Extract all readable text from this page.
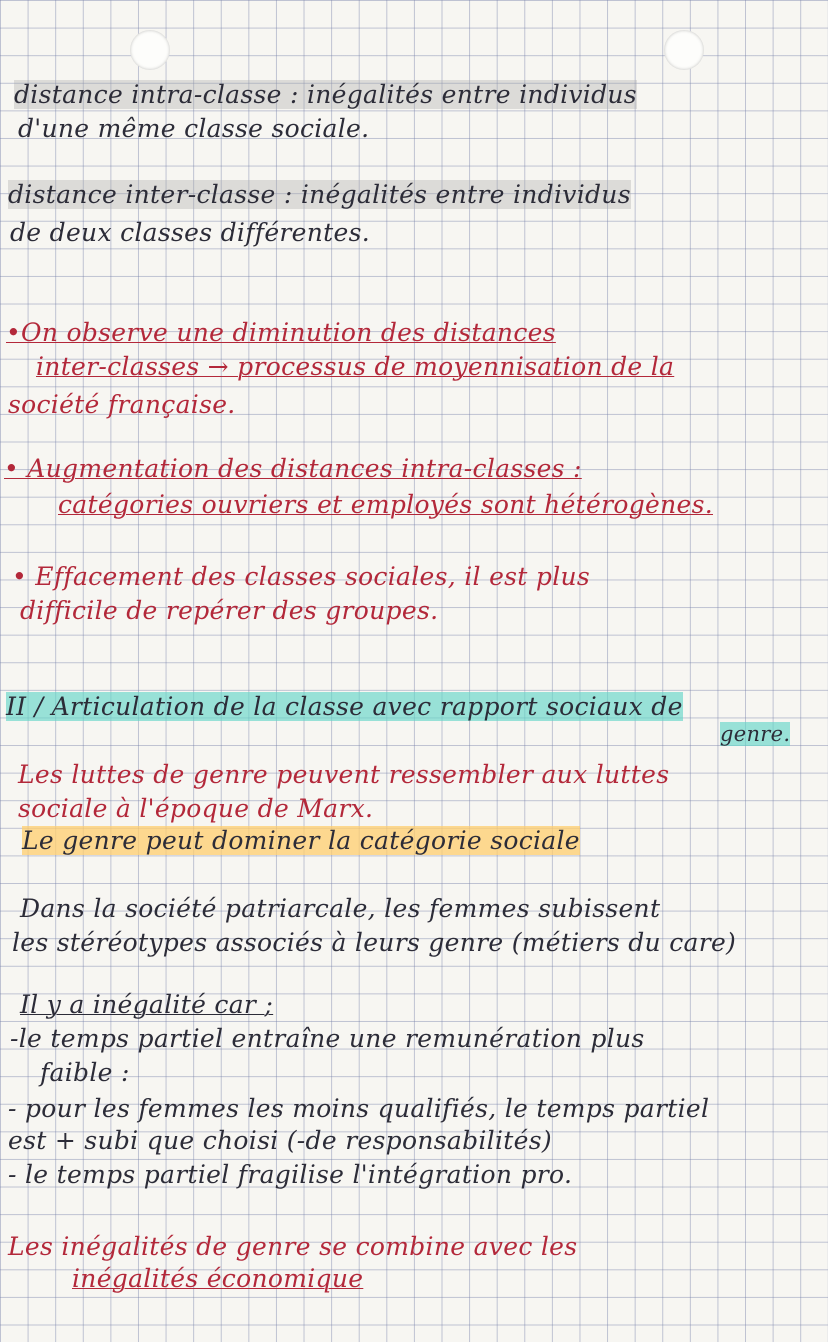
distance intra-classe : inégalités entre individus
d'une même classe sociale.
distance inter-classe : inégalités entre individus
de deux classes différentes.
•On observe une diminution des distances
inter-classes → processus de moyennisation de la
société française.
• Augmentation des distances intra-classes :
catégories ouvriers et employés sont hétérogènes.
• Effacement des classes sociales, il est plus
difficile de repérer des groupes.
II / Articulation de la classe avec rapport sociaux de
genre.
Les luttes de genre peuvent ressembler aux luttes
sociale à l'époque de Marx.
Le genre peut dominer la catégorie sociale
Dans la société patriarcale, les femmes subissent
les stéréotypes associés à leurs genre (métiers du care)
Il y a inégalité car ;
-le temps partiel entraîne une remunération plus
faible :
- pour les femmes les moins qualifiés, le temps partiel
est + subi que choisi (-de responsabilités)
- le temps partiel fragilise l'intégration pro.
Les inégalités de genre se combine avec les
inégalités économique
